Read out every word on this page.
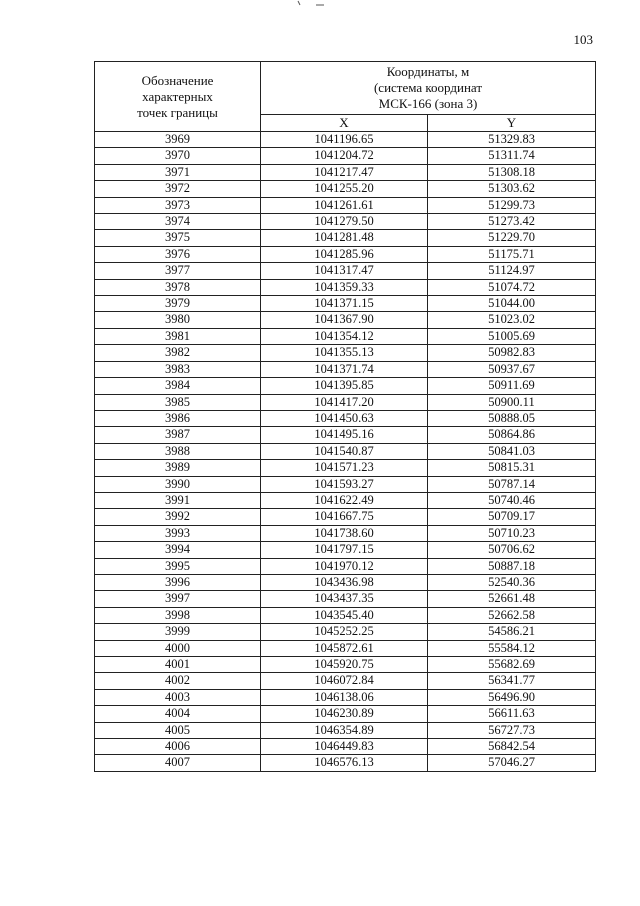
103
Обозначение
характерных
точек границы	Координаты, м
(система координат
МСК-166 (зона 3)	

	X	Y
3969	1041196.65	51329.83
3970	1041204.72	51311.74
3971	1041217.47	51308.18
3972	1041255.20	51303.62
3973	1041261.61	51299.73
3974	1041279.50	51273.42
3975	1041281.48	51229.70
3976	1041285.96	51175.71
3977	1041317.47	51124.97
3978	1041359.33	51074.72
3979	1041371.15	51044.00
3980	1041367.90	51023.02
3981	1041354.12	51005.69
3982	1041355.13	50982.83
3983	1041371.74	50937.67
3984	1041395.85	50911.69
3985	1041417.20	50900.11
3986	1041450.63	50888.05
3987	1041495.16	50864.86
3988	1041540.87	50841.03
3989	1041571.23	50815.31
3990	1041593.27	50787.14
3991	1041622.49	50740.46
3992	1041667.75	50709.17
3993	1041738.60	50710.23
3994	1041797.15	50706.62
3995	1041970.12	50887.18
3996	1043436.98	52540.36
3997	1043437.35	52661.48
3998	1043545.40	52662.58
3999	1045252.25	54586.21
4000	1045872.61	55584.12
4001	1045920.75	55682.69
4002	1046072.84	56341.77
4003	1046138.06	56496.90
4004	1046230.89	56611.63
4005	1046354.89	56727.73
4006	1046449.83	56842.54
4007	1046576.13	57046.27
